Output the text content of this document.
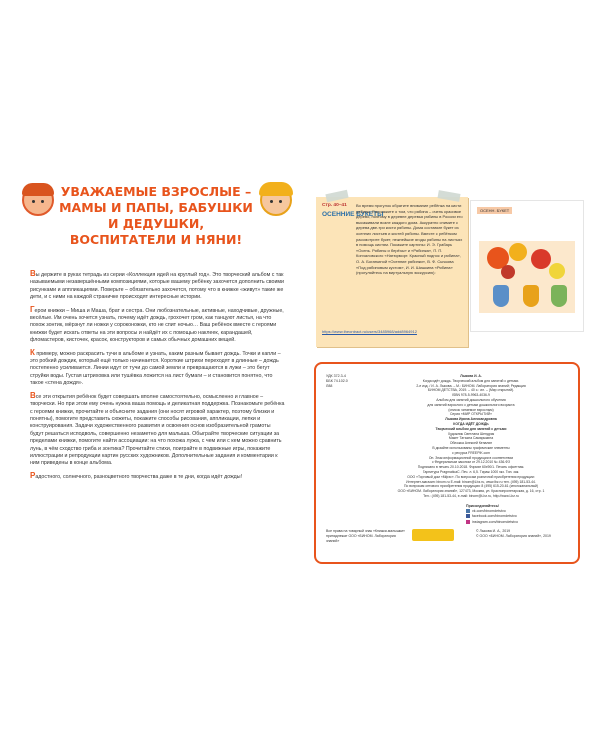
УВАЖАЕМЫЕ ВЗРОСЛЫЕ –
МАМЫ И ПАПЫ, БАБУШКИ И ДЕДУШКИ,
ВОСПИТАТЕЛИ И НЯНИ!

Вы держите в руках тетрадь из серии «Коллекция идей на круглый год». Это творческий альбом с так называемыми незавершёнными композициями, которые вашему ребёнку захочется дополнить своими рисунками и аппликациями. Поверьте – обязательно захочется, потому что в книжке «живут» такие же дети, и с ними на каждой страничке происходят интересные истории.

Герои книжки – Миша и Маша, брат и сестра. Они любознательные, активные, находчивые, дружные, весёлые. Им очень хочется узнать, почему идёт дождь, грохочет гром, как танцуют листья, на что похож зонтик, мёрзнут ли ножки у сороконожки, кто не спит ночью… Ваш ребёнок вместе с героями книжки будет искать ответы на эти вопросы и найдёт их с помощью наклеек, карандашей, фломастеров, кисточек, красок, конструкторов и самых обычных домашних вещей.

К примеру, можно раскрасить тучи в альбоме и узнать, каким разным бывает дождь. Точки и капли – это робкий дождик, который ещё только начинается. Короткие штрихи переходят в длинные – дождь постепенно усиливается. Линии идут от тучи до самой земли и превращаются в лужи – это бегут струйки воды. Густая штриховка или тушёвка ложится на лист бумаги – и становится понятно, что такое «стена дождя».

Все эти открытия ребёнок будет совершать вполне самостоятельно, осмысленно и главное – творчески. Но при этом ему очень нужна ваша помощь и деликатная поддержка. Познакомьте ребёнка с героями книжки, прочитайте и объясните задания (они носят игровой характер, поэтому близки и понятны), помогите представить сюжеты, покажите способы рисования, аппликации, лепки и конструирования. Задачи художественного развития и освоения основ изобразительной грамоты будут решаться исподволь, совершенно незаметно для малыша. Обыграйте творческие ситуации за пределами книжки, помогите найти ассоциации: на что похожа лужа, с чем или с кем можно сравнить лунь, в чём сходство гриба и зонтика? Прочитайте стихи, поиграйте в подвижные игры, покажите иллюстрации и репродукции картин русских художников. Дополнительные задания и комментарии к ним приведены в конце альбома.

Радостного, солнечного, разноцветного творчества даже в те дни, когда идёт дожды!

Стр. 40–41
ОСЕННИЕ БУКЕТЫ
Во время прогулок обратите внимание ребёнка на кисти рябины. Расскажите о том, что рябина – очень красивое дерево, поэтому в деревне деревья рябины в России его высаживали возле каждого дома. Аккуратно снимите с дерева две-три кисти рябины. Дома составьте букет из осенних листьев и кистей рябины. Вместе с ребёнком рассмотрите букет, нежнейшие ягоды рябины на листьях в помощь кистям. Покажите картины: И. Э. Грабарь «Осень. Рябины и берёзы» и «Рябинка», П. П. Кончаловского «Натюрморт. Красный поднос и рябина», О. А. Богаткиной «Осенние рябинки», В. Ф. Сычкова «Под рябиновым кустом», И. И. Шишкина «Рябина» (прогуляйтесь на виртуальную экскурсию):
https://www.theontract.ru/users/3485968/add8964912
ОСЕНН. БУКЕТ
УДК 372.3-4
ББК 74.102.0
Л88

Лыкова И. А.

Когда идёт дождь. Творческий альбом для занятий с детьми.

2-е изд. / И. А. Лыкова. – М.: БИНОМ. Лаборатория знаний; Редакция

БИНОМ ДЕТСТВА, 2019. – 40 с.: ил. – (Мир открытий).

ISBN 978-5-9963-4036-9

Альбом для занятий дошкольного обучения

для занятий взрослого с детьми дошкольного возраста

(список читаемое взрослым)

Серия «МИР ОТКРЫТИЙ»

Лыкова Ирина Александровна

КОГДА ИДЁТ ДОЖДЬ

Творческий альбом для занятий с детьми

Художник Светлана Шендрик

Макет Татьяна Самарыкина

Обложка Алексей Кепалин

В дизайне использованы графические элементы

с ресурса FREEPIK.com

Оп. Знак информационной продукции в соответствии

с Федеральным законом от 29.12.2010 № 436-ФЗ

Подписано в печать 20.10.2018. Формат 60x90/1. Печать офсетная.

Гарнитура PragmaticaC. Печ. л. 6,5. Тираж 1000 экз. Тип. зак.

ООО «Торговый дом «Мфэс». По вопросам розничной приобретения продукции:

Интернет-магазин: binom.ru E-mail: binom@Lbz.ru, www.lbz.ru тел. (495) 181-53-44.

По вопросам оптового приобретения продукции: 8 (495) 615-20-61 (многоканальный)

ООО «БИНОМ. Лаборатория знаний», 127473, Москва, ул. Краснопролетарская, д. 16, стр. 1

Тел.: (495) 181-53-44, e-mail: binom@Lbz.ru, http://www.Lbz.ru

Присоединяйтесь!
vk.com/binomdetstvo
facebook.com/binomdetstvo
instagram.com/binomdetstvo
Все права на товарный знак «Книжки-малышки» принадлежат ООО «БИНОМ. Лаборатория знаний»
© Лыкова И. А., 2019
© ООО «БИНОМ. Лаборатория знаний», 2019
